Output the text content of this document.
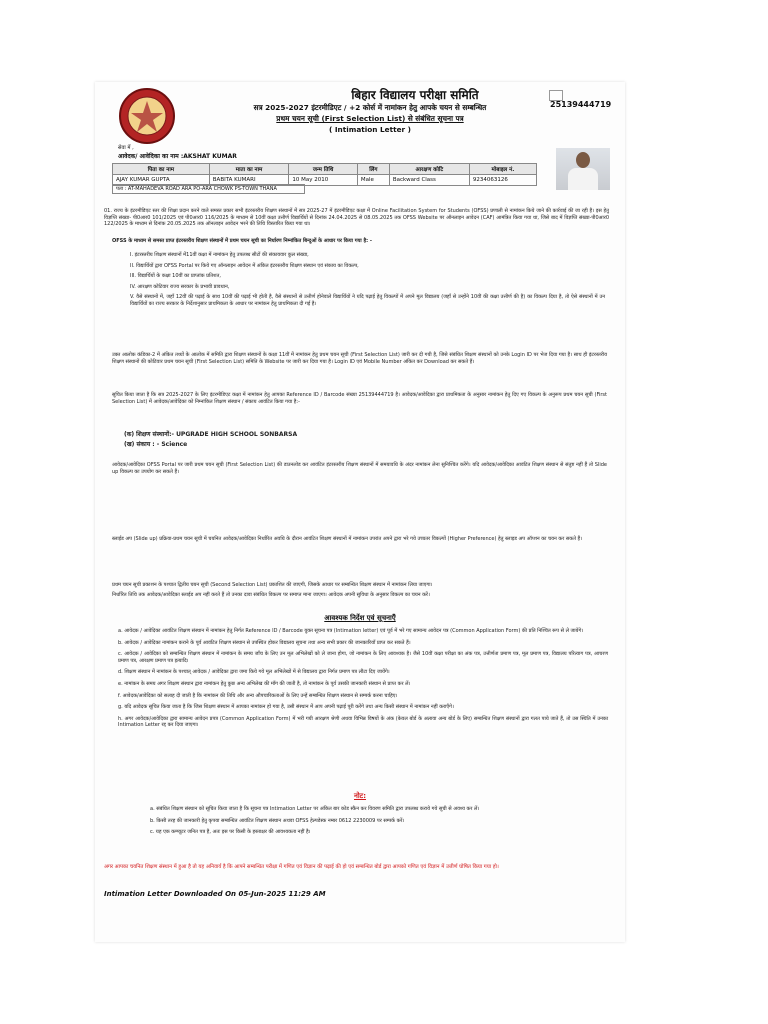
बिहार विद्यालय परीक्षा समिति
सत्र 2025-2027 इंटरमीडिएट / +2 कोर्स में नामांकन हेतु आपके चयन से सम्बन्धित
प्रथम चयन सूची (First Selection List) से संबंधित सूचना पत्र
( Intimation Letter )
25139444719
सेवा में ,
आवेदक/ आवेदिका का नाम :AKSHAT KUMAR
पिता का नाम	माता का नाम	जन्म तिथि	लिंग	आरक्षण कोटि	मोबाइल नं.
AJAY KUMAR GUPTA	BABITA KUMARI	10 May 2010	Male	Backward Class	9234063126
पता : AT-MAHADEVA ROAD ARA PO-ARA CHOWK PS-TOWN THANA
01. राज्य के इंटरमीडिएट स्तर की शिक्षा प्रदान करने वाले समस्त प्रकार सभी इंटरस्तरीय शिक्षण संस्थानों में सत्र 2025-27 में इंटरमीडिएट कक्षा में Online Facilitation System for Students (OFSS) प्रणाली से नामांकन किये जाने की कार्रवाई की जा रही है। इस हेतु विज्ञप्ति संख्या- पी0आर0 101/2025 एवं पी0आर0 116/2025 के माध्यम से 10वीं कक्षा उत्तीर्ण विद्यार्थियों से दिनांक 24.04.2025 से 08.05.2025 तक OFSS Website पर ऑनलाइन आवेदन (CAF) आमंत्रित किया गया था, जिसे बाद में विज्ञप्ति संख्या-पी0आर0 122/2025 के माध्यम से दिनांक 20.05.2025 तक ऑनलाइन आवेदन भरने की तिथि विस्तारित किया गया था।
OFSS के माध्यम से समस्त प्राप्त इंटरस्तरीय शिक्षण संस्थानों में प्रथम चयन सूची का निर्धारण निम्नांकित बिन्दुओं के आधार पर किया गया है: -
I. इंटरस्तरीय शिक्षण संस्थानों में11वीं कक्षा में नामांकन हेतु उपलब्ध सीटों की संकायवार कुल संख्या,
II. विद्यार्थियों द्वारा OFSS Portal पर किये गए ऑनलाइन आवेदन में अंकित इंटरस्तरीय शिक्षण संस्थान एवं संकाय का विकल्प,
III. विद्यार्थियों के कक्षा 10वीं का प्राप्तांक प्रतिशत,
IV. आरक्षण कोटिवार राज्य सरकार के प्रभावी प्रावधान,
V. वैसे संस्थानों में, जहाँ 12वीं की पढ़ाई के साथ 10वीं की पढ़ाई भी होती है, वैसे संस्थानों से उत्तीर्ण होनेवाले विद्यार्थियों ने यदि पढ़ाई हेतु विकल्पों में अपने मूल विद्यालय (जहाँ से उन्होंने 10वीं की कक्षा उत्तीर्ण की है) का विकल्प दिया है, तो ऐसे संस्थानों में उन विद्यार्थियों का राज्य सरकार के निर्देशानुसार प्राथमिकता के आधार पर नामांकन हेतु प्राथमिकता दी गई है।
उक्त आलोक कंडिका-2 में अंकित तथ्यों के आलोक में समिति द्वारा शिक्षण संस्थानों के कक्षा 11वीं में नामांकन हेतु प्रथम चयन सूची (First Selection List) जारी कर दी गयी है, जिसे संबंधित शिक्षण संस्थानों को उनके Login ID पर भेज दिया गया है। साथ ही इंटरस्तरीय शिक्षण संस्थानों की कोटिवार प्रथम चयन सूची (First Selection List) समिति के Website पर जारी कर दिया गया है। Login ID एवं Mobile Number अंकित कर Download कर सकते हैं।
सूचित किया जाता है कि सत्र 2025-2027 के लिए इंटरमीडिएट कक्षा में नामांकन हेतु आपका Reference ID / Barcode संख्या 25139444719 है। आवेदक/आवेदिका द्वारा प्राथमिकता के अनुसार नामांकन हेतु दिए गए विकल्प के अनुरूप प्रथम चयन सूची (First Selection List) में आवेदक/आवेदिका को निम्नांकित शिक्षण संस्थान / संकाय आवंटित किया गया है:-
(क) शिक्षण संस्थानों:- UPGRADE HIGH SCHOOL SONBARSA
(ख) संकाय : - Science
आवेदक/आवेदिका OFSS Portal पर जारी प्रथम चयन सूची (First Selection List) की डाउनलोड कर आवंटित इंटरस्तरीय शिक्षण संस्थानों में समयावधि के अंदर नामांकन लेना सुनिश्चित करेंगे। यदि आवेदक/आवेदिका आवंटित शिक्षण संस्थान से संतुष्ट नहीं हैं तो Slide up विकल्प का उपयोग कर सकते हैं।
स्लाईड अप (Slide up) प्रक्रिया-प्रथम चयन सूची में चयनित आवेदक/आवेदिका निर्धारित अवधि के दौरान आवंटित शिक्षण संस्थानों में नामांकन उपरांत अपने द्वारा भरे गये उच्चतर विकल्पों (Higher Preference) हेतु स्लाइड अप ऑप्शन का चयन कर सकते हैं।
प्रथम चयन सूची प्रकाशन के पश्चात द्वितीय चयन सूची (Second Selection List) प्रकाशित की जाएगी, जिसके आधार पर सम्बन्धित शिक्षण संस्थान में नामांकन लिया जाएगा।
निर्धारित तिथि तक आवेदक/आवेदिका स्लाईड अप नहीं करते हैं तो उनका दावा संबंधित विकल्प पर समाप्त माना जाएगा। आवेदक अपनी सुविधा के अनुसार विकल्प का चयन करें।
आवश्यक निर्देश एवं सूचनाएँ
a. आवेदक / आवेदिका आवंटित शिक्षण संस्थान में नामांकन हेतु निर्गत Reference ID / Barcode युक्त सूचना पत्र (Intimation letter) एवं पूर्व में भरे गए सामान्य आवेदन पत्र (Common Application Form) की प्रति निश्चित रूप से ले जायेंगे।
b. आवेदक / आवेदिका नामांकन कराने के पूर्व आवंटित शिक्षण संस्थान से उपस्थित होकर विद्यालय सूचना तथा अन्य सभी प्रकार की जानकारियाँ प्राप्त कर सकते हैं।
c. आवेदक / आवेदिका को सम्बन्धित शिक्षण संस्थान में नामांकन के समय जाँच के लिए उन मूल अभिलेखों को ले जाना होगा, जो नामांकन के लिए आवश्यक है। जैसे 10वीं कक्षा परीक्षा का अंक पत्र, उत्तीर्णता प्रमाण पत्र, मूल प्रमाण पत्र, विद्यालय परित्याग पत्र, आचरण प्रमाण पत्र, आरक्षण प्रमाण पत्र इत्यादि।
d. शिक्षण संस्थान में नामांकन के पश्चात् आवेदक / आवेदिका द्वारा जमा किये गये मूल अभिलेखों में से विद्यालय द्वारा निर्गत प्रमाण पत्र लौटा दिए जायेंगे।
e. नामांकन के समय अगर शिक्षण संस्थान द्वारा नामांकन हेतु कुछ अन्य अभिलेख की माँग की जाती है, तो नामांकन के पूर्व उसकी जानकारी संस्थान से प्राप्त कर लें।
f. आवेदक/आवेदिका को सलाह दी जाती है कि नामांकन की तिथि और अन्य औपचारिकताओं के लिए उन्हें सम्बन्धित शिक्षण संस्थान से सम्पर्क करना चाहिए।
g. यदि आवेदक सूचित किया जाता है कि जिस शिक्षण संस्थान में आपका नामांकन हो गया है, उसी संस्थान में आप अपनी पढ़ाई पूरी करेंगे तथा अन्य किसी संस्थान में नामांकन नहीं कराएँगे।
h. अगर आवेदक/आवेदिका द्वारा सामान्य आवेदन प्रपत्र (Common Application Form) में भरी गयी आरक्षण श्रेणी अथवा विभिन्न विषयों के अंक (केवल बोर्ड के अलावा अन्य बोर्ड के लिए) सम्बन्धित शिक्षण संस्थानों द्वारा गलत पाये जाते हैं, तो उस स्थिति में उनका Intimation Letter रद्द कर दिया जाएगा।
नोट:
a. संबंधित शिक्षण संस्थान को सूचित किया जाता है कि सूचना पत्र Intimation Letter पर अंकित बार कोड स्कैन कर विवरण समिति द्वारा उपलब्ध कराये गये सूची से अवश्य कर लें।
b. किसी तरह की जानकारी हेतु कृपया सम्बन्धित आवंटित शिक्षण संस्थान अथवा OFSS हेल्पडेस्क नम्बर 0612 2230009 पर सम्पर्क करें।
c. यह एक कम्प्यूटर जनित पत्र है, अतः इस पर किसी के हस्ताक्षर की आवश्यकता नहीं है।
अगर आपका चयनित शिक्षण संस्थान में हुआ है तो यह अनिवार्य है कि आपने सम्बन्धित परीक्षा में गणित एवं विज्ञान की पढ़ाई की हो एवं सम्बन्धित बोर्ड द्वारा आपको गणित एवं विज्ञान में उत्तीर्ण घोषित किया गया हो।
Intimation Letter Downloaded On 05-Jun-2025 11:29 AM
